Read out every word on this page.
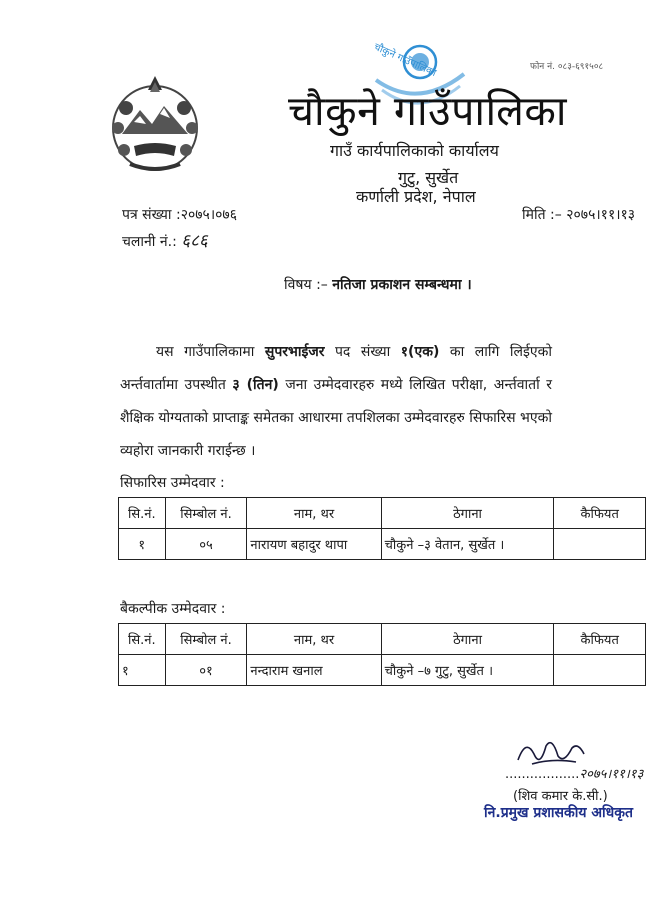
फोन नं. ०८३-६९१५०८
चौकुने गाउँपालिका
चौकुने गाउँपालिका
गाउँ कार्यपालिकाको कार्यालय
गुटु, सुर्खेत
कर्णाली प्रदेश, नेपाल
पत्र संख्या :२०७५।०७६
चलानी नं.: ६८६
मिति :– २०७५।११।१३
विषय :– नतिजा प्रकाशन सम्बन्धमा ।
यस गाउँपालिकामा सुपरभाईजर पद संख्या १(एक) का लागि लिईएको अर्न्तवार्तामा उपस्थीत ३ (तिन) जना उम्मेदवारहरु मध्ये लिखित परीक्षा, अर्न्तवार्ता र शैक्षिक योग्यताको प्राप्ताङ्क समेतका आधारमा तपशिलका उम्मेदवारहरु सिफारिस भएको व्यहोरा जानकारी गराईन्छ ।
सिफारिस उम्मेदवार :
सि.नं.	सिम्बोल नं.	नाम, थर	ठेगाना	कैफियत
१	०५	नारायण बहादुर थापा	चौकुने –३ वेतान, सुर्खेत ।	
बैकल्पीक उम्मेदवार :
सि.नं.	सिम्बोल नं.	नाम, थर	ठेगाना	कैफियत
१	०१	नन्दाराम खनाल	चौकुने –७ गुटु, सुर्खेत ।	
..................२०७५।११।१३
(शिव कमार के.सी.)
नि.प्रमुख प्रशासकीय अधिकृत
